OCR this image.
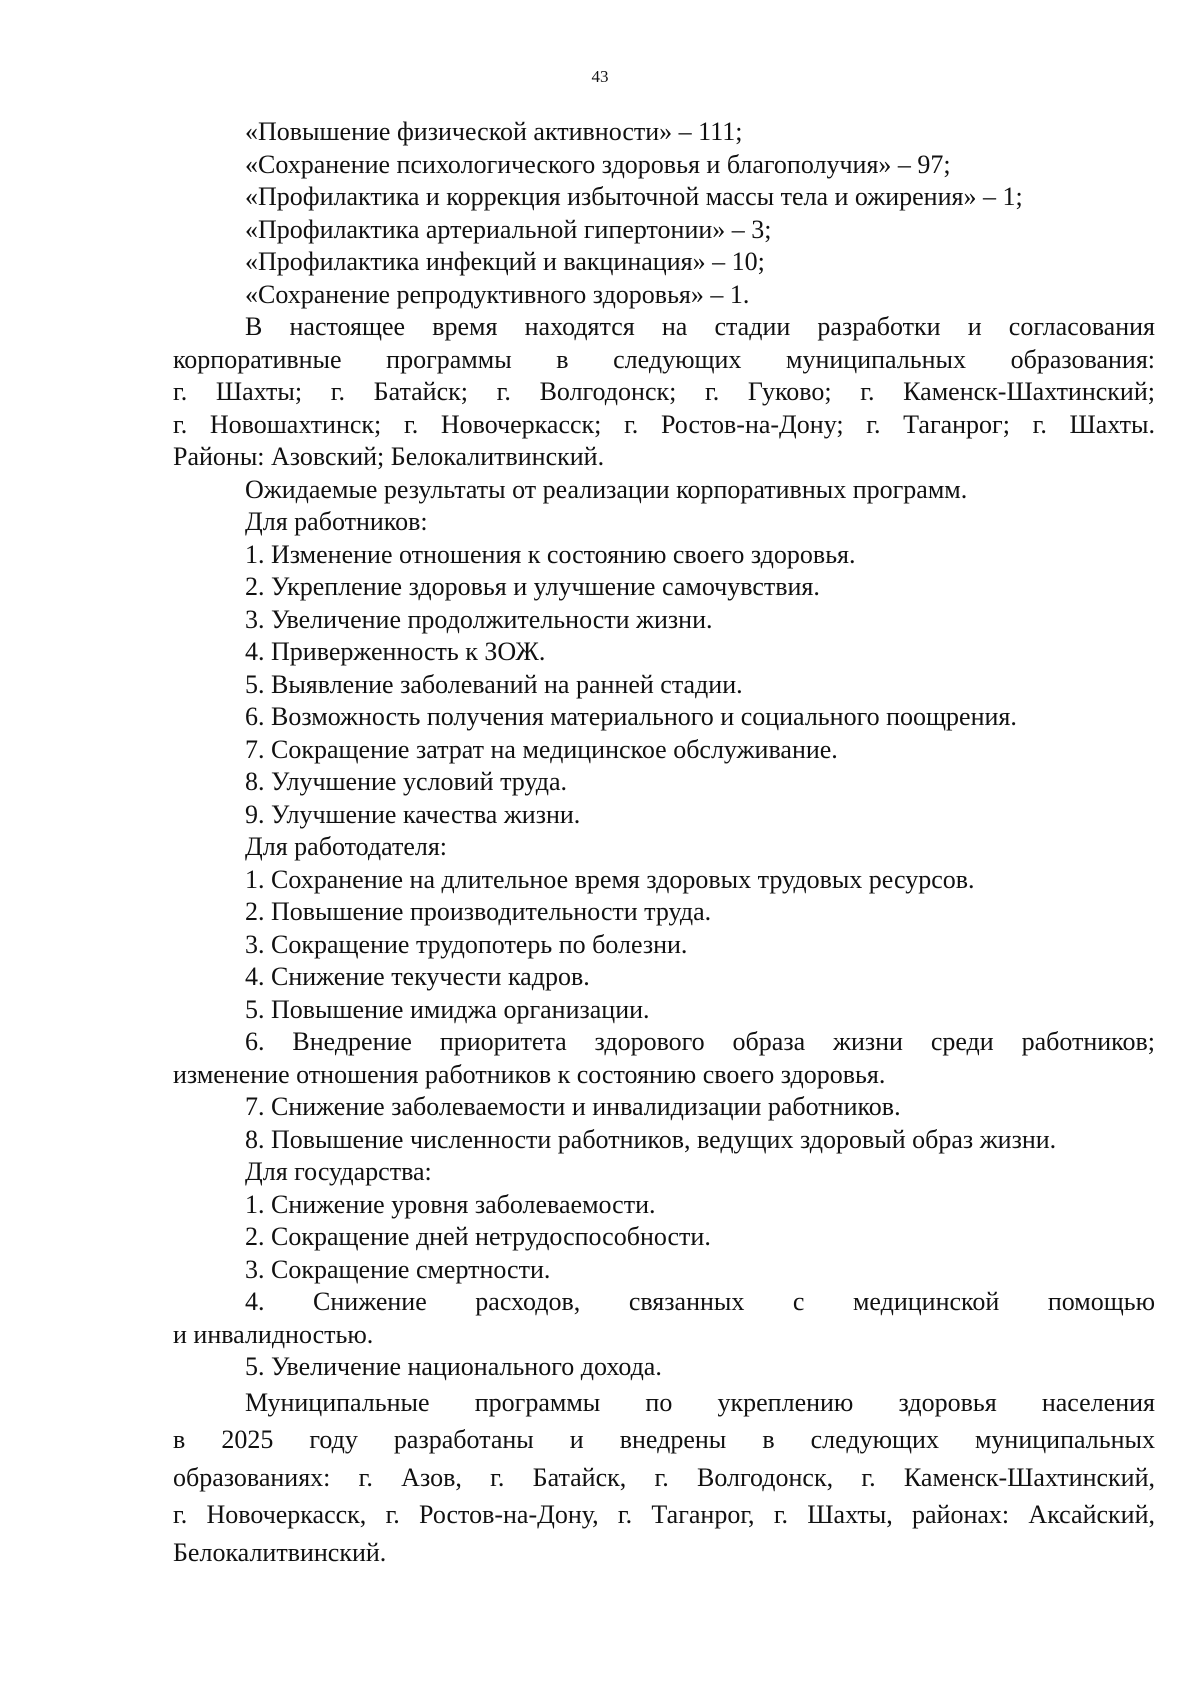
43
«Повышение физической активности» – 111;
«Сохранение психологического здоровья и благополучия» – 97;
«Профилактика и коррекция избыточной массы тела и ожирения» – 1;
«Профилактика артериальной гипертонии» – 3;
«Профилактика инфекций и вакцинация» – 10;
«Сохранение репродуктивного здоровья» – 1.
В настоящее время находятся на стадии разработки и согласования
корпоративные программы в следующих муниципальных образования:
г. Шахты; г. Батайск; г. Волгодонск; г. Гуково; г. Каменск-Шахтинский;
г. Новошахтинск; г. Новочеркасск; г. Ростов-на-Дону; г. Таганрог; г. Шахты.
Районы: Азовский; Белокалитвинский.
Ожидаемые результаты от реализации корпоративных программ.
Для работников:
1. Изменение отношения к состоянию своего здоровья.
2. Укрепление здоровья и улучшение самочувствия.
3. Увеличение продолжительности жизни.
4. Приверженность к ЗОЖ.
5. Выявление заболеваний на ранней стадии.
6. Возможность получения материального и социального поощрения.
7. Сокращение затрат на медицинское обслуживание.
8. Улучшение условий труда.
9. Улучшение качества жизни.
Для работодателя:
1. Сохранение на длительное время здоровых трудовых ресурсов.
2. Повышение производительности труда.
3. Сокращение трудопотерь по болезни.
4. Снижение текучести кадров.
5. Повышение имиджа организации.
6. Внедрение приоритета здорового образа жизни среди работников;
изменение отношения работников к состоянию своего здоровья.
7. Снижение заболеваемости и инвалидизации работников.
8. Повышение численности работников, ведущих здоровый образ жизни.
Для государства:
1. Снижение уровня заболеваемости.
2. Сокращение дней нетрудоспособности.
3. Сокращение смертности.
4. Снижение расходов, связанных с медицинской помощью
и инвалидностью.
5. Увеличение национального дохода.
Муниципальные программы по укреплению здоровья населения
в 2025 году разработаны и внедрены в следующих муниципальных
образованиях: г. Азов, г. Батайск, г. Волгодонск, г. Каменск-Шахтинский,
г. Новочеркасск, г. Ростов-на-Дону, г. Таганрог, г. Шахты, районах: Аксайский,
Белокалитвинский.
